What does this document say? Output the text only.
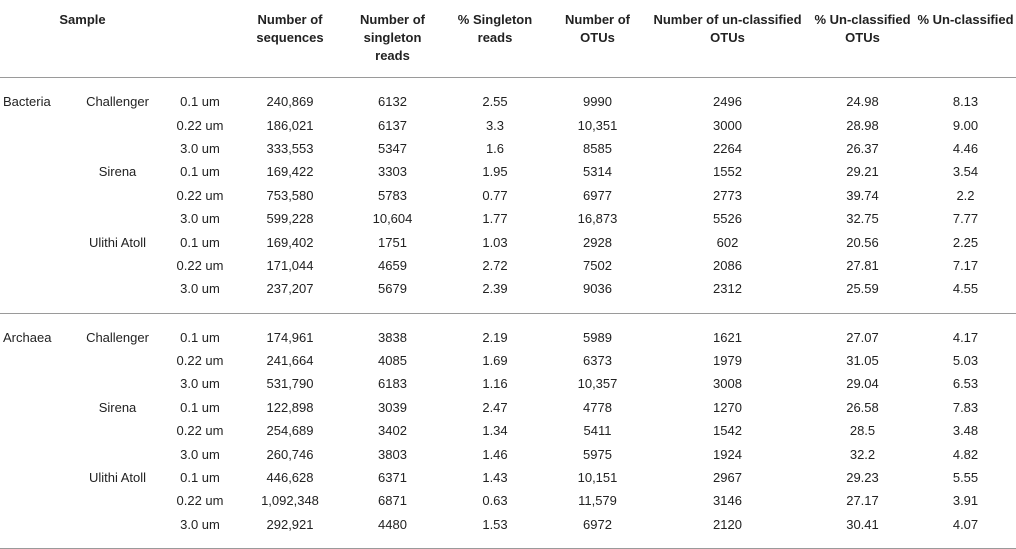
Sample			Number of sequences	Number of singleton reads	% Singleton reads	Number of OTUs	Number of un-classified OTUs	% Un-classified OTUs	% Un-classified

Bacteria	Challenger	0.1 um	240,869	6132	2.55	9990	2496	24.98	8.13
		0.22 um	186,021	6137	3.3	10,351	3000	28.98	9.00
		3.0 um	333,553	5347	1.6	8585	2264	26.37	4.46
	Sirena	0.1 um	169,422	3303	1.95	5314	1552	29.21	3.54
		0.22 um	753,580	5783	0.77	6977	2773	39.74	2.2
		3.0 um	599,228	10,604	1.77	16,873	5526	32.75	7.77
	Ulithi Atoll	0.1 um	169,402	1751	1.03	2928	602	20.56	2.25
		0.22 um	171,044	4659	2.72	7502	2086	27.81	7.17
		3.0 um	237,207	5679	2.39	9036	2312	25.59	4.55

Archaea	Challenger	0.1 um	174,961	3838	2.19	5989	1621	27.07	4.17
		0.22 um	241,664	4085	1.69	6373	1979	31.05	5.03
		3.0 um	531,790	6183	1.16	10,357	3008	29.04	6.53
	Sirena	0.1 um	122,898	3039	2.47	4778	1270	26.58	7.83
		0.22 um	254,689	3402	1.34	5411	1542	28.5	3.48
		3.0 um	260,746	3803	1.46	5975	1924	32.2	4.82
	Ulithi Atoll	0.1 um	446,628	6371	1.43	10,151	2967	29.23	5.55
		0.22 um	1,092,348	6871	0.63	11,579	3146	27.17	3.91
		3.0 um	292,921	4480	1.53	6972	2120	30.41	4.07
